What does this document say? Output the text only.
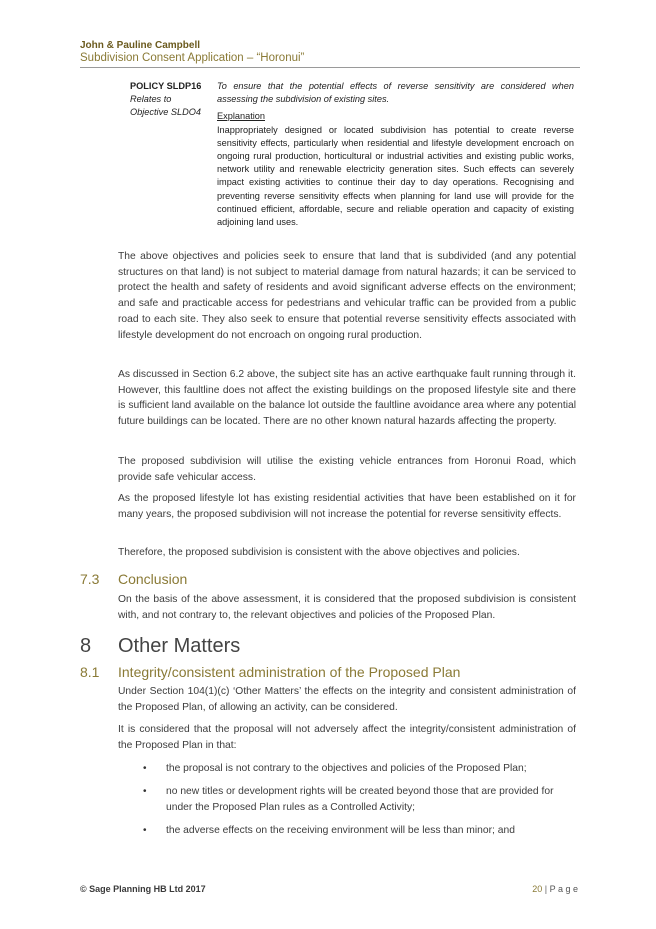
John & Pauline Campbell
Subdivision Consent Application – “Horonui”
POLICY SLDP16
Relates to
Objective SLDO4
To ensure that the potential effects of reverse sensitivity are considered when assessing the subdivision of existing sites.
Explanation
Inappropriately designed or located subdivision has potential to create reverse sensitivity effects, particularly when residential and lifestyle development encroach on ongoing rural production, horticultural or industrial activities and existing public works, network utility and renewable electricity generation sites. Such effects can severely impact existing activities to continue their day to day operations. Recognising and preventing reverse sensitivity effects when planning for land use will provide for the continued efficient, affordable, secure and reliable operation and capacity of existing adjoining land uses.

The above objectives and policies seek to ensure that land that is subdivided (and any potential structures on that land) is not subject to material damage from natural hazards; it can be serviced to protect the health and safety of residents and avoid significant adverse effects on the environment; and safe and practicable access for pedestrians and vehicular traffic can be provided from a public road to each site. They also seek to ensure that potential reverse sensitivity effects associated with lifestyle development do not encroach on ongoing rural production.

As discussed in Section 6.2 above, the subject site has an active earthquake fault running through it. However, this faultline does not affect the existing buildings on the proposed lifestyle site and there is sufficient land available on the balance lot outside the faultline avoidance area where any potential future buildings can be located. There are no other known natural hazards affecting the property.

The proposed subdivision will utilise the existing vehicle entrances from Horonui Road, which provide safe vehicular access.

As the proposed lifestyle lot has existing residential activities that have been established on it for many years, the proposed subdivision will not increase the potential for reverse sensitivity effects.

Therefore, the proposed subdivision is consistent with the above objectives and policies.

7.3 Conclusion

On the basis of the above assessment, it is considered that the proposed subdivision is consistent with, and not contrary to, the relevant objectives and policies of the Proposed Plan.

8 Other Matters
8.1 Integrity/consistent administration of the Proposed Plan

Under Section 104(1)(c) ‘Other Matters’ the effects on the integrity and consistent administration of the Proposed Plan, of allowing an activity, can be considered.

It is considered that the proposal will not adversely affect the integrity/consistent administration of the Proposed Plan in that:

• the proposal is not contrary to the objectives and policies of the Proposed Plan;

• no new titles or development rights will be created beyond those that are provided for under the Proposed Plan rules as a Controlled Activity;

• the adverse effects on the receiving environment will be less than minor; and

© Sage Planning HB Ltd 2017	20 | P a g e
